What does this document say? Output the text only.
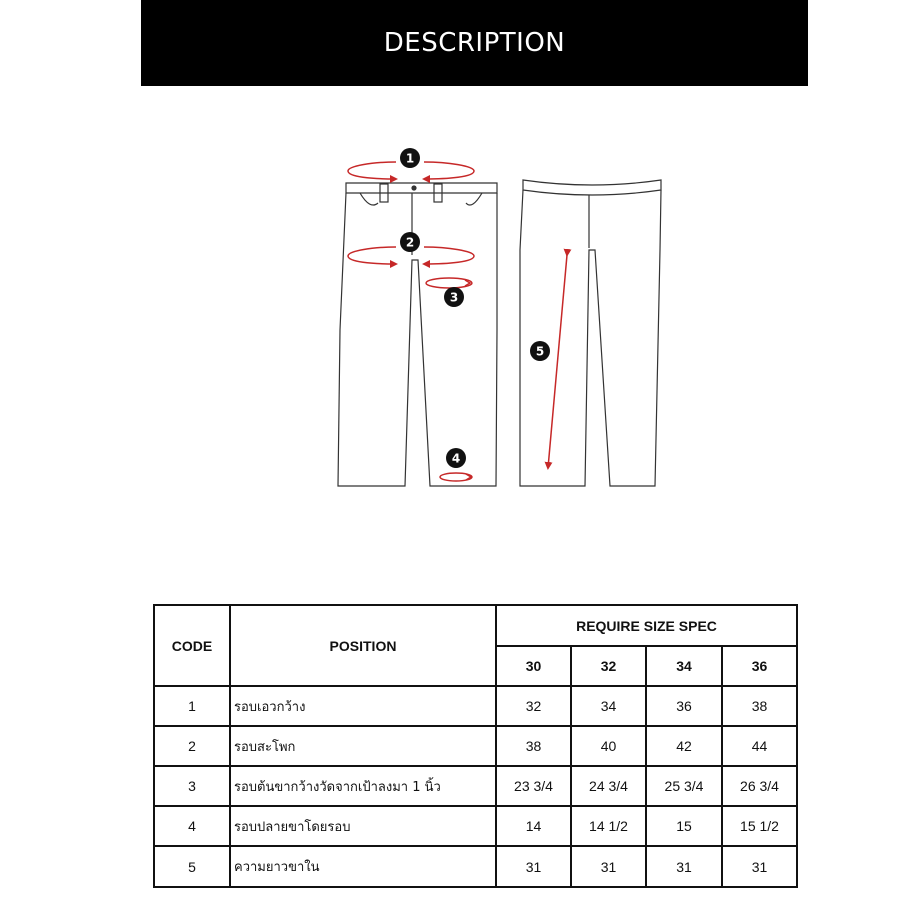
DESCRIPTION
1
2
3
4
5
CODE	POSITION	REQUIRE SIZE SPEC			
		30	32	34	36
1	รอบเอวกว้าง	32	34	36	38
2	รอบสะโพก	38	40	42	44
3	รอบต้นขากว้างวัดจากเป้าลงมา 1 นิ้ว	23 3/4	24 3/4	25 3/4	26 3/4
4	รอบปลายขาโดยรอบ	14	14 1/2	15	15 1/2
5	ความยาวขาใน	31	31	31	31
